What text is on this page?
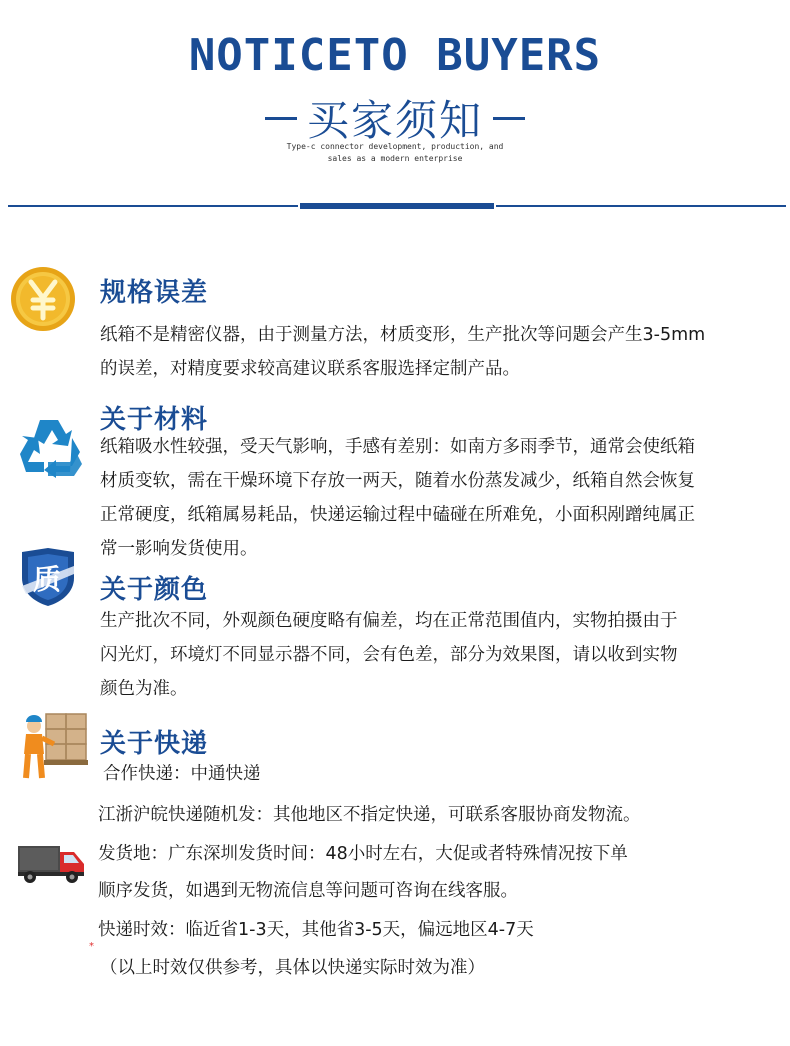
NOTICETO BUYERS
买家须知
Type-c connector development, production, and
sales as a modern enterprise
规格误差
纸箱不是精密仪器，由于测量方法，材质变形，生产批次等问题会产生3-5mm
的误差，对精度要求较高建议联系客服选择定制产品。
关于材料
纸箱吸水性较强，受天气影响，手感有差别：如南方多雨季节，通常会使纸箱
材质变软，需在干燥环境下存放一两天，随着水份蒸发减少，纸箱自然会恢复
正常硬度，纸箱属易耗品，快递运输过程中磕碰在所难免，小面积剐蹭纯属正
常一影响发货使用。
质 关于颜色
生产批次不同，外观颜色硬度略有偏差，均在正常范围值内，实物拍摄由于
闪光灯，环境灯不同显示器不同，会有色差，部分为效果图，请以收到实物
颜色为准。
关于快递
合作快递：中通快递
江浙沪皖快递随机发：其他地区不指定快递，可联系客服协商发物流。
发货地：广东深圳发货时间：48小时左右，大促或者特殊情况按下单
顺序发货，如遇到无物流信息等问题可咨询在线客服。
快递时效：临近省1-3天，其他省3-5天，偏远地区4-7天
*
（以上时效仅供参考，具体以快递实际时效为准）
